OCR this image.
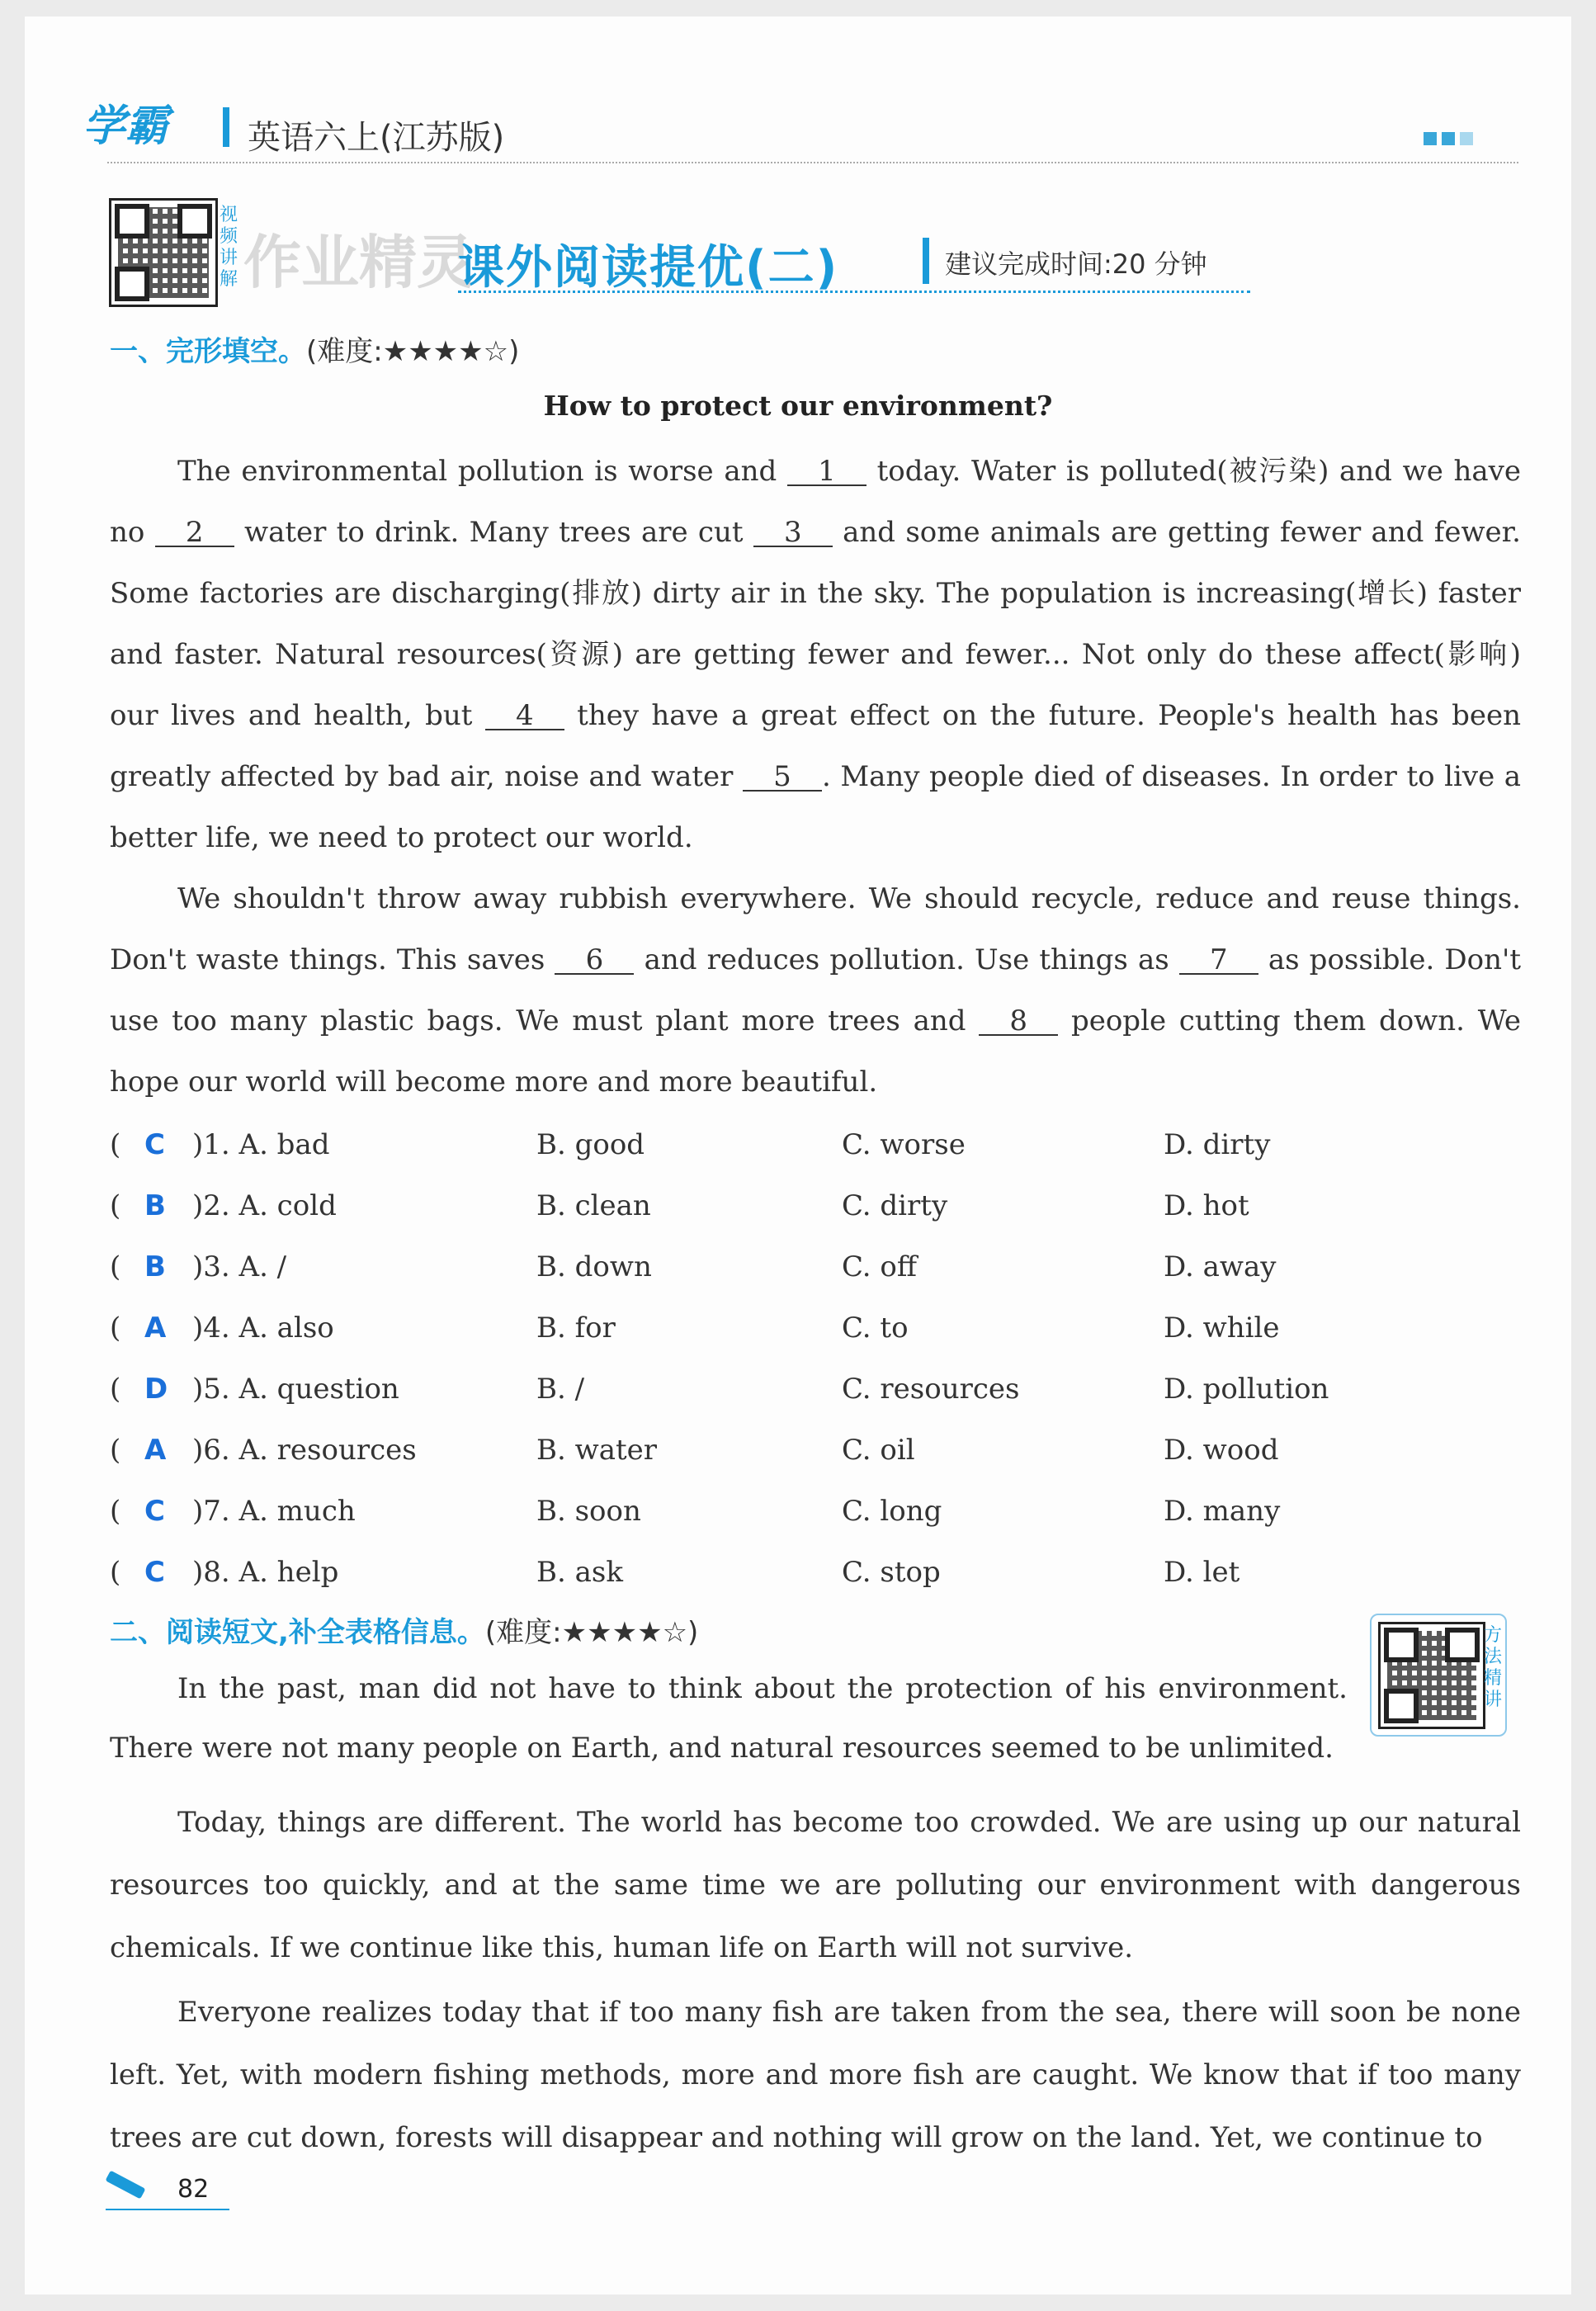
学霸 英语六上(江苏版)
视频讲解 作业精灵
课外阅读提优(二)	建议完成时间:20 分钟
一、完形填空。(难度:★★★★☆)
How to protect our environment?

The environmental pollution is worse and 1 today. Water is polluted(被污染) and we have no 2 water to drink. Many trees are cut 3 and some animals are getting fewer and fewer. Some factories are discharging(排放) dirty air in the sky. The population is increasing(增长) faster and faster. Natural resources(资源) are getting fewer and fewer... Not only do these affect(影响) our lives and health, but 4 they have a great effect on the future. People's health has been greatly affected by bad air, noise and water 5 . Many people died of diseases. In order to live a better life, we need to protect our world.

We shouldn't throw away rubbish everywhere. We should recycle, reduce and reuse things. Don't waste things. This saves 6 and reduces pollution. Use things as 7 as possible. Don't use too many plastic bags. We must plant more trees and 8 people cutting them down. We hope our world will become more and more beautiful.

( C )1. A. bad	B. good	C. worse	D. dirty
( B )2. A. cold	B. clean	C. dirty	D. hot
( B )3. A. /	B. down	C. off	D. away
( A )4. A. also	B. for	C. to	D. while
( D )5. A. question	B. /	C. resources	D. pollution
( A )6. A. resources	B. water	C. oil	D. wood
( C )7. A. much	B. soon	C. long	D. many
( C )8. A. help	B. ask	C. stop	D. let
二、阅读短文,补全表格信息。(难度:★★★★☆)	方法精讲

In the past, man did not have to think about the protection of his environment. There were not many people on Earth, and natural resources seemed to be unlimited.

Today, things are different. The world has become too crowded. We are using up our natural resources too quickly, and at the same time we are polluting our environment with dangerous chemicals. If we continue like this, human life on Earth will not survive.

Everyone realizes today that if too many fish are taken from the sea, there will soon be none left. Yet, with modern fishing methods, more and more fish are caught. We know that if too many trees are cut down, forests will disappear and nothing will grow on the land. Yet, we continue to

82
